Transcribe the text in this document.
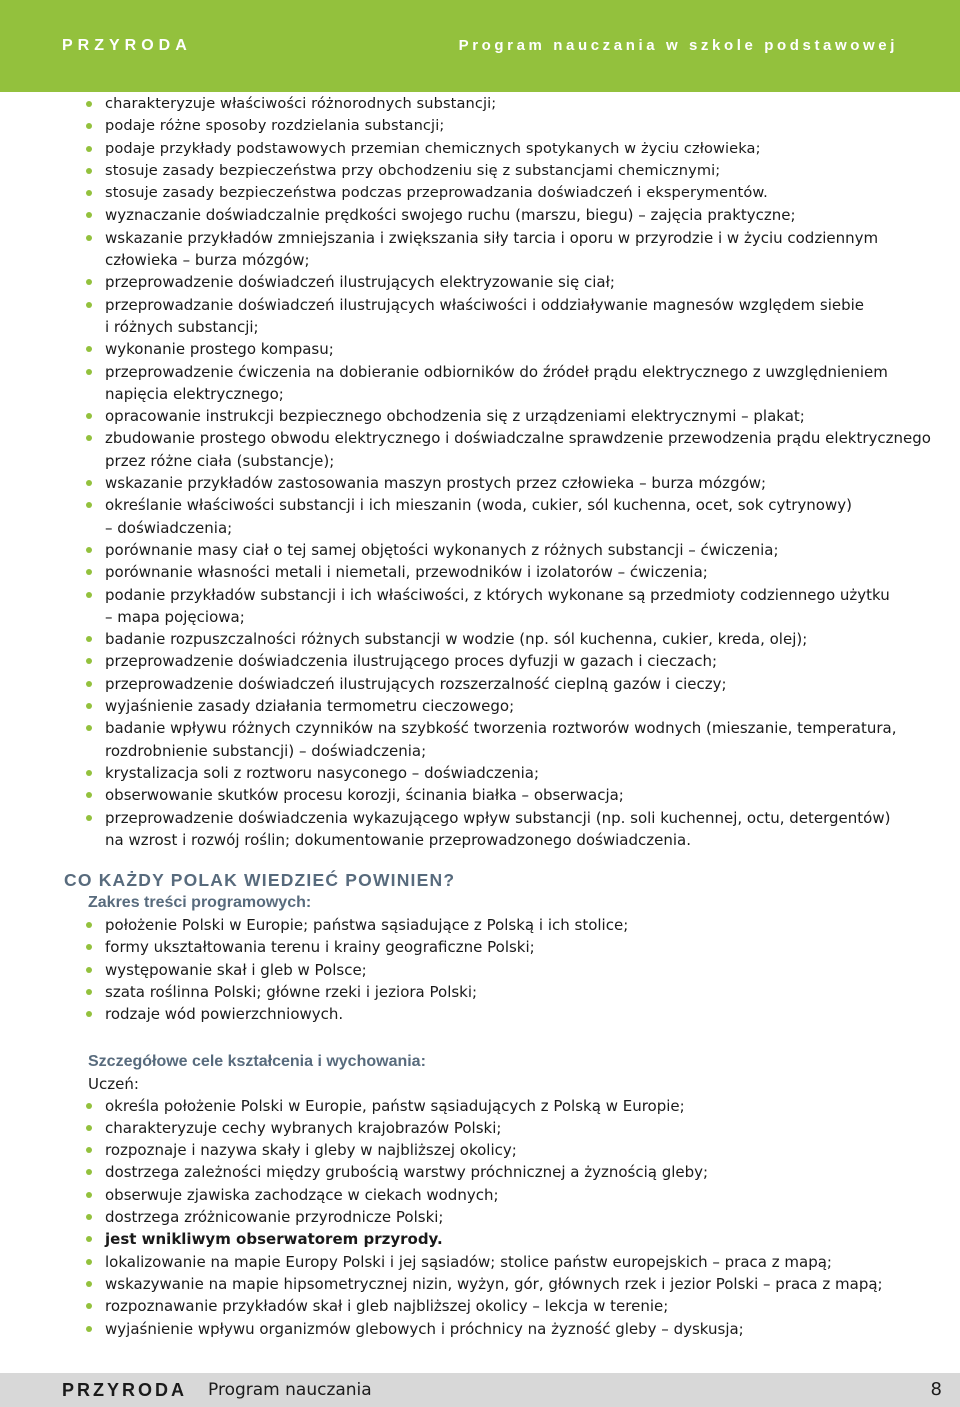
PRZYRODA	Program nauczania w szkole podstawowej
charakteryzuje właściwości różnorodnych substancji;
podaje różne sposoby rozdzielania substancji;
podaje przykłady podstawowych przemian chemicznych spotykanych w życiu człowieka;
stosuje zasady bezpieczeństwa przy obchodzeniu się z substancjami chemicznymi;
stosuje zasady bezpieczeństwa podczas przeprowadzania doświadczeń i eksperymentów.
wyznaczanie doświadczalnie prędkości swojego ruchu (marszu, biegu) – zajęcia praktyczne;
wskazanie przykładów zmniejszania i zwiększania siły tarcia i oporu w przyrodzie i w życiu codziennym
człowieka – burza mózgów;
przeprowadzenie doświadczeń ilustrujących elektryzowanie się ciał;
przeprowadzanie doświadczeń ilustrujących właściwości i oddziaływanie magnesów względem siebie
i różnych substancji;
wykonanie prostego kompasu;
przeprowadzenie ćwiczenia na dobieranie odbiorników do źródeł prądu elektrycznego z uwzględnieniem
napięcia elektrycznego;
opracowanie instrukcji bezpiecznego obchodzenia się z urządzeniami elektrycznymi – plakat;
zbudowanie prostego obwodu elektrycznego i doświadczalne sprawdzenie przewodzenia prądu elektrycznego
przez różne ciała (substancje);
wskazanie przykładów zastosowania maszyn prostych przez człowieka – burza mózgów;
określanie właściwości substancji i ich mieszanin (woda, cukier, sól kuchenna, ocet, sok cytrynowy)
– doświadczenia;
porównanie masy ciał o tej samej objętości wykonanych z różnych substancji – ćwiczenia;
porównanie własności metali i niemetali, przewodników i izolatorów – ćwiczenia;
podanie przykładów substancji i ich właściwości, z których wykonane są przedmioty codziennego użytku
– mapa pojęciowa;
badanie rozpuszczalności różnych substancji w wodzie (np. sól kuchenna, cukier, kreda, olej);
przeprowadzenie doświadczenia ilustrującego proces dyfuzji w gazach i cieczach;
przeprowadzenie doświadczeń ilustrujących rozszerzalność cieplną gazów i cieczy;
wyjaśnienie zasady działania termometru cieczowego;
badanie wpływu różnych czynników na szybkość tworzenia roztworów wodnych (mieszanie, temperatura,
rozdrobnienie substancji) – doświadczenia;
krystalizacja soli z roztworu nasyconego – doświadczenia;
obserwowanie skutków procesu korozji, ścinania białka – obserwacja;
przeprowadzenie doświadczenia wykazującego wpływ substancji (np. soli kuchennej, octu, detergentów)
na wzrost i rozwój roślin; dokumentowanie przeprowadzonego doświadczenia.
CO KAŻDY POLAK WIEDZIEĆ POWINIEN?
Zakres treści programowych:
położenie Polski w Europie; państwa sąsiadujące z Polską i ich stolice;
formy ukształtowania terenu i krainy geograficzne Polski;
występowanie skał i gleb w Polsce;
szata roślinna Polski; główne rzeki i jeziora Polski;
rodzaje wód powierzchniowych.
Szczegółowe cele kształcenia i wychowania:
Uczeń:
określa położenie Polski w Europie, państw sąsiadujących z Polską w Europie;
charakteryzuje cechy wybranych krajobrazów Polski;
rozpoznaje i nazywa skały i gleby w najbliższej okolicy;
dostrzega zależności między grubością warstwy próchnicznej a żyznością gleby;
obserwuje zjawiska zachodzące w ciekach wodnych;
dostrzega zróżnicowanie przyrodnicze Polski;
jest wnikliwym obserwatorem przyrody.
lokalizowanie na mapie Europy Polski i jej sąsiadów; stolice państw europejskich – praca z mapą;
wskazywanie na mapie hipsometrycznej nizin, wyżyn, gór, głównych rzek i jezior Polski – praca z mapą;
rozpoznawanie przykładów skał i gleb najbliższej okolicy – lekcja w terenie;
wyjaśnienie wpływu organizmów glebowych i próchnicy na żyzność gleby – dyskusja;
PRZYRODA Program nauczania	8
